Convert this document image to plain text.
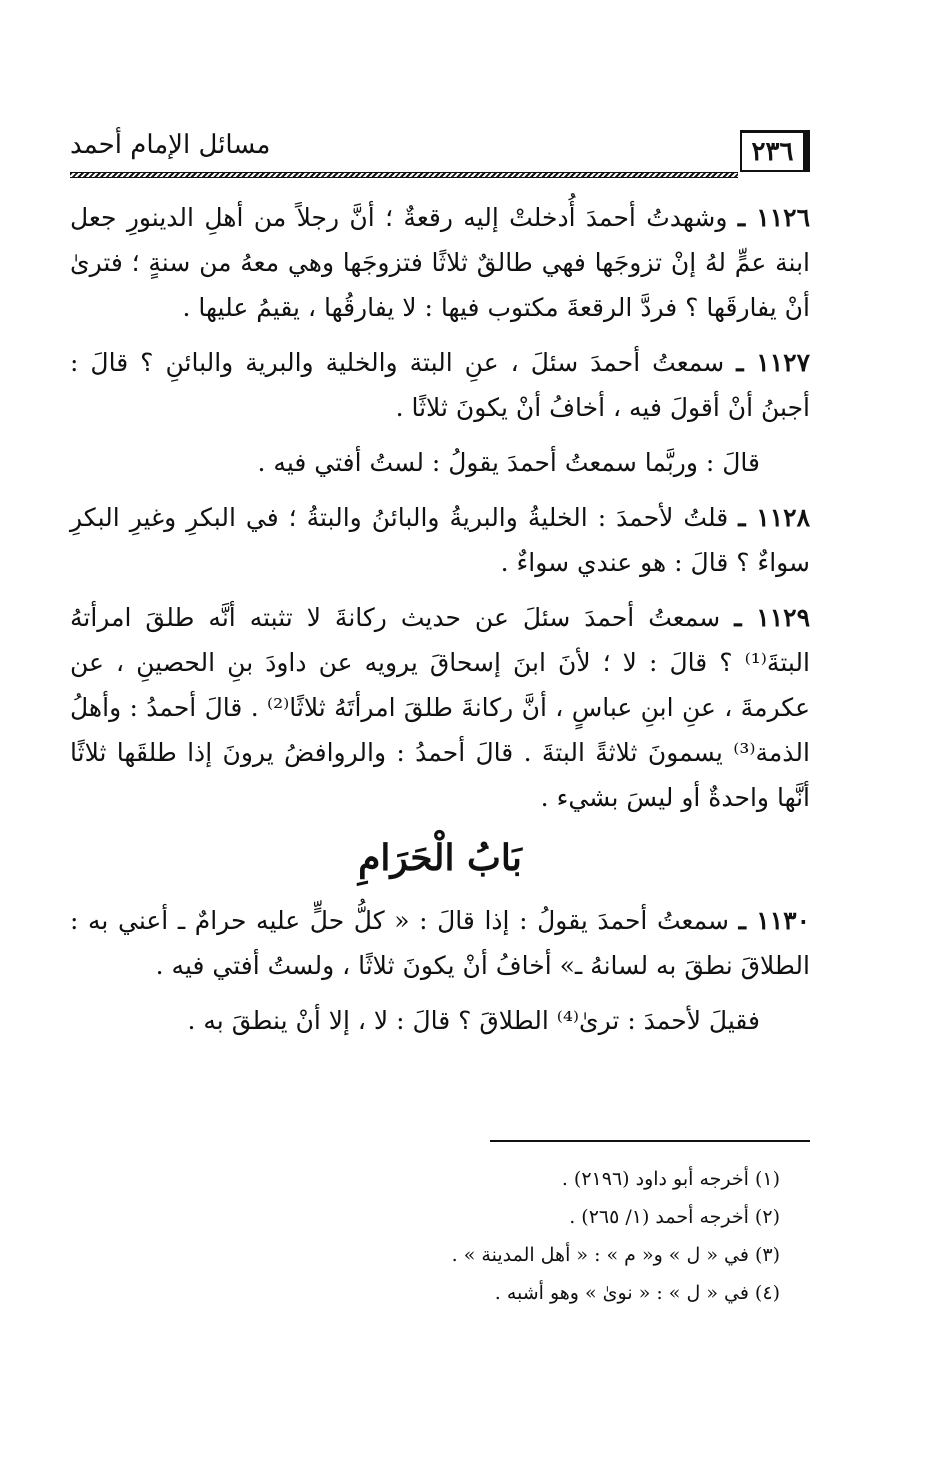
مسائل الإمام أحمد	٢٣٦

١١٢٦ ـ وشهدتُ أحمدَ أُدخلتْ إليه رقعةٌ ؛ أنَّ رجلاً من أهلِ الدينورِ جعل ابنة عمٍّ لهُ إنْ تزوجَها فهي طالقٌ ثلاثًا فتزوجَها وهي معهُ من سنةٍ ؛ فترىٰ أنْ يفارقَها ؟ فردَّ الرقعةَ مكتوب فيها : لا يفارقُها ، يقيمُ عليها .

١١٢٧ ـ سمعتُ أحمدَ سئلَ ، عنِ البتة والخلية والبرية والبائنِ ؟ قالَ : أجبنُ أنْ أقولَ فيه ، أخافُ أنْ يكونَ ثلاثًا .

قالَ : وربَّما سمعتُ أحمدَ يقولُ : لستُ أفتي فيه .

١١٢٨ ـ قلتُ لأحمدَ : الخليةُ والبريةُ والبائنُ والبتةُ ؛ في البكرِ وغيرِ البكرِ سواءٌ ؟ قالَ : هو عندي سواءٌ .

١١٢٩ ـ سمعتُ أحمدَ سئلَ عن حديث ركانةَ لا تثبته أنَّه طلقَ امرأتهُ البتةَ⁽¹⁾ ؟ قالَ : لا ؛ لأنَ ابنَ إسحاقَ يرويه عن داودَ بنِ الحصينِ ، عن عكرمةَ ، عنِ ابنِ عباسٍ ، أنَّ ركانةَ طلقَ امرأتَهُ ثلاثًا⁽²⁾ . قالَ أحمدُ : وأهلُ الذمة⁽³⁾ يسمونَ ثلاثةً البتةَ . قالَ أحمدُ : والروافضُ يرونَ إذا طلقَها ثلاثًا أنَّها واحدةٌ أو ليسَ بشيء .

بَابُ الْحَرَامِ

١١٣٠ ـ سمعتُ أحمدَ يقولُ : إذا قالَ : « كلُّ حلٍّ عليه حرامٌ ـ أعني به : الطلاقَ نطقَ به لسانهُ ـ» أخافُ أنْ يكونَ ثلاثًا ، ولستُ أفتي فيه .

فقيلَ لأحمدَ : ترىٰ⁽⁴⁾ الطلاقَ ؟ قالَ : لا ، إلا أنْ ينطقَ به .

(١) أخرجه أبو داود (٢١٩٦) .

(٢) أخرجه أحمد (١/ ٢٦٥) .

(٣) في « ل » و« م » : « أهل المدينة » .

(٤) في « ل » : « نوىٰ » وهو أشبه .
